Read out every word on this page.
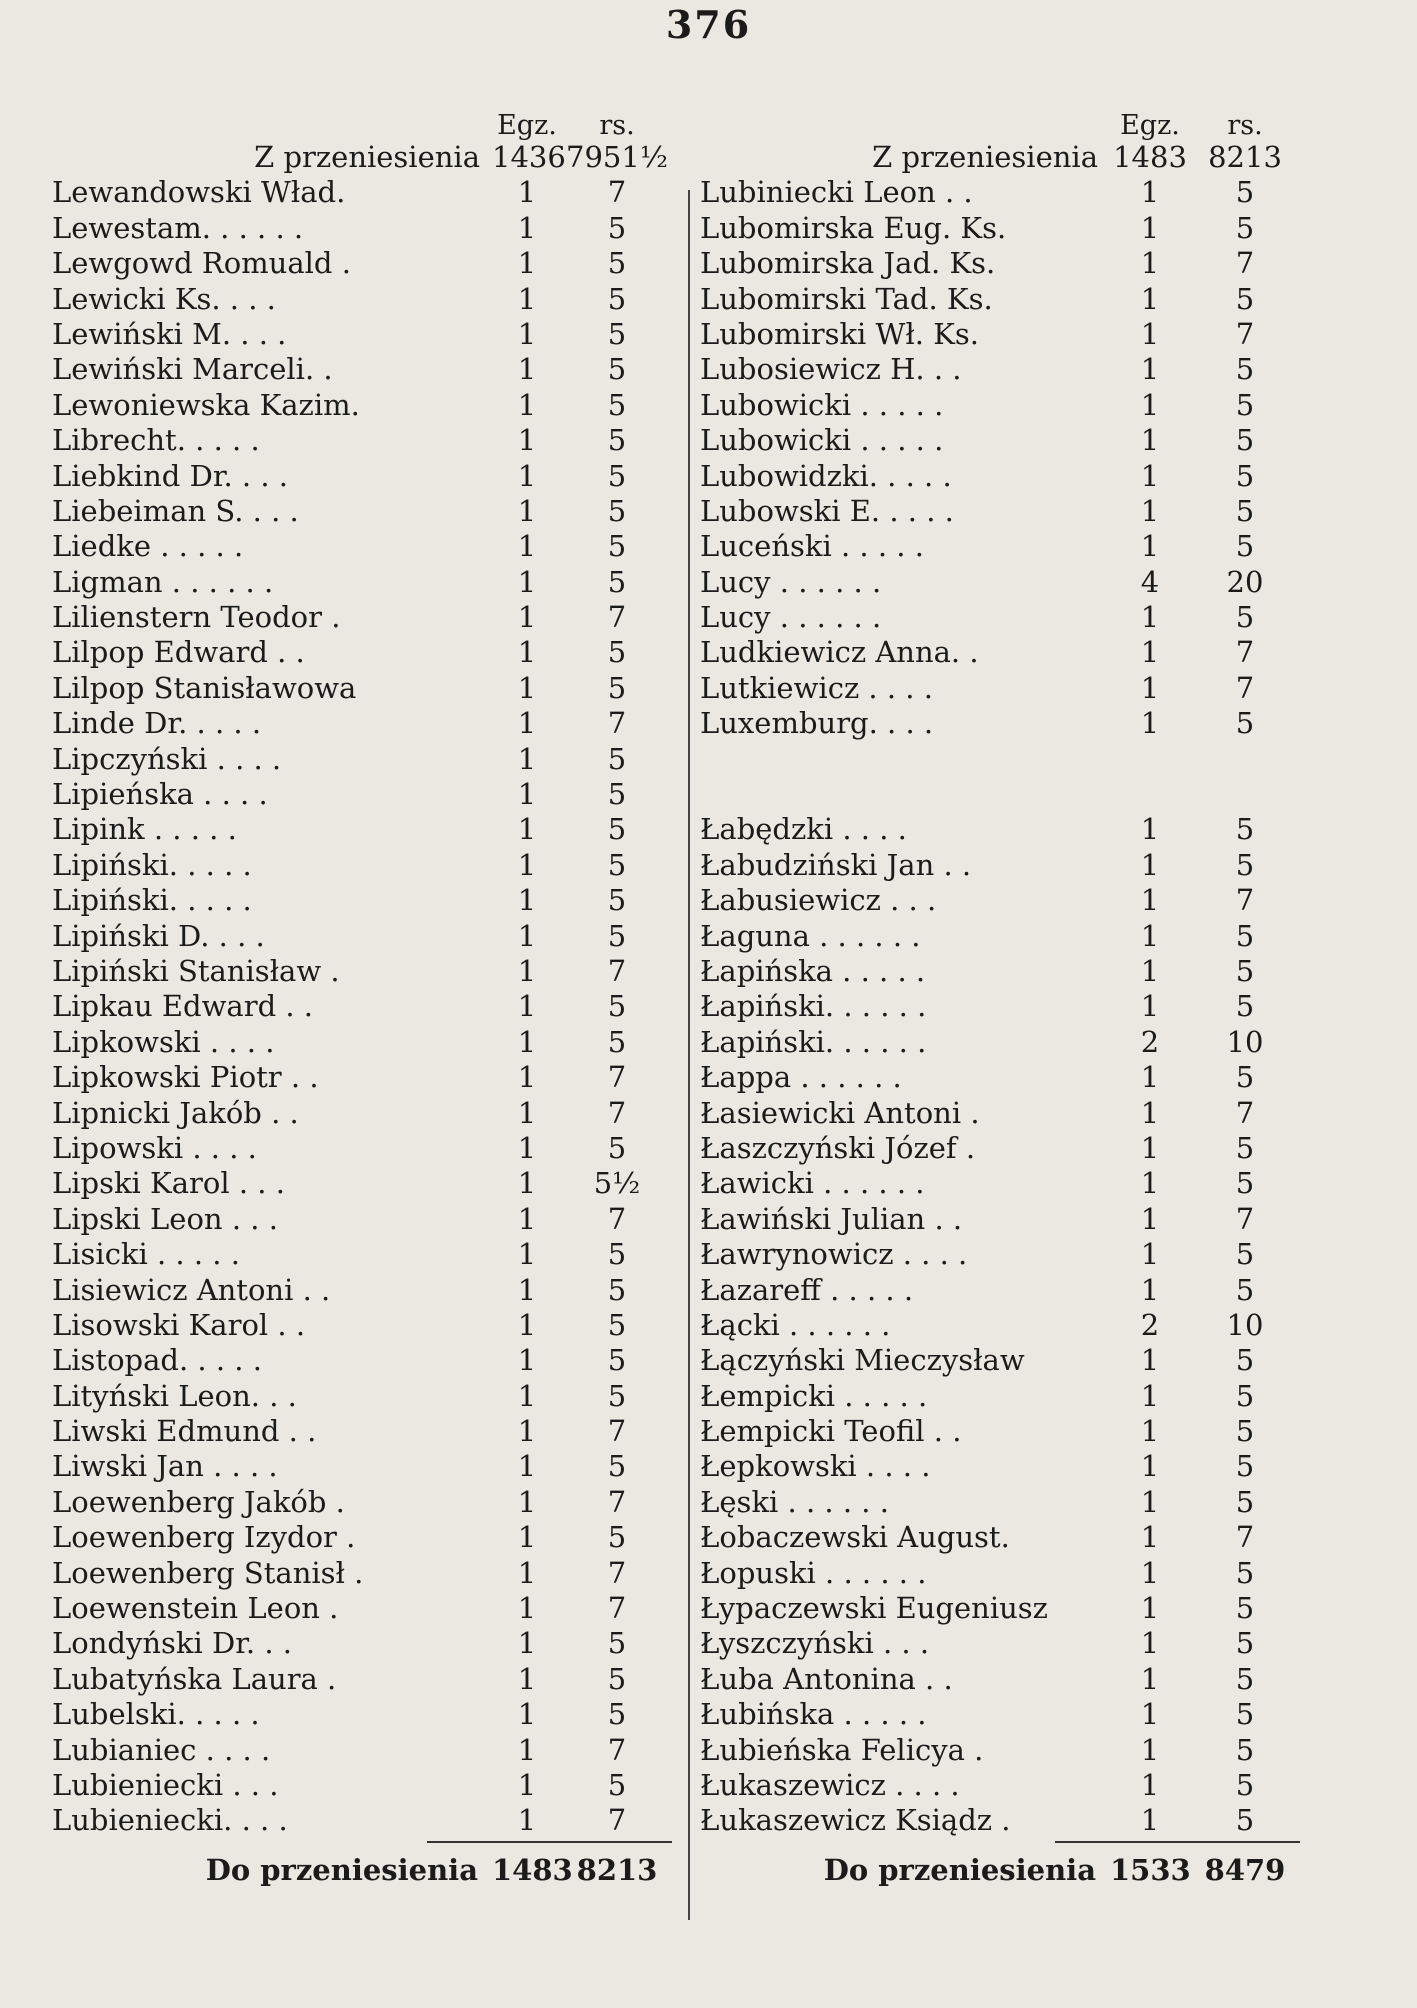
376
Egz.	rs.
Z przeniesienia 1436 7951½
Lewandowski Wład.	1	7
Lewestam. . . . . .	1	5
Lewgowd Romuald .	1	5
Lewicki Ks. . . .	1	5
Lewiński M. . . .	1	5
Lewiński Marceli. .	1	5
Lewoniewska Kazim.	1	5
Librecht. . . . .	1	5
Liebkind Dr. . . .	1	5
Liebeiman S. . . .	1	5
Liedke . . . . .	1	5
Ligman . . . . . .	1	5
Lilienstern Teodor .	1	7
Lilpop Edward . .	1	5
Lilpop Stanisławowa	1	5
Linde Dr. . . . .	1	7
Lipczyński . . . .	1	5
Lipieńska . . . .	1	5
Lipink . . . . .	1	5
Lipiński. . . . .	1	5
Lipiński. . . . .	1	5
Lipiński D. . . .	1	5
Lipiński Stanisław .	1	7
Lipkau Edward . .	1	5
Lipkowski . . . .	1	5
Lipkowski Piotr . .	1	7
Lipnicki Jakób . .	1	7
Lipowski . . . .	1	5
Lipski Karol . . .	1	5½
Lipski Leon . . .	1	7
Lisicki . . . . .	1	5
Lisiewicz Antoni . .	1	5
Lisowski Karol . .	1	5
Listopad. . . . .	1	5
Lityński Leon. . .	1	5
Liwski Edmund . .	1	7
Liwski Jan . . . .	1	5
Loewenberg Jakób .	1	7
Loewenberg Izydor .	1	5
Loewenberg Stanisł .	1	7
Loewenstein Leon .	1	7
Londyński Dr. . .	1	5
Lubatyńska Laura .	1	5
Lubelski. . . . .	1	5
Lubianiec . . . .	1	7
Lubieniecki . . .	1	5
Lubieniecki. . . .	1	7
Do przeniesienia 1483 8213
Egz.	rs.
Z przeniesienia 1483 8213
Lubiniecki Leon . .	1	5
Lubomirska Eug. Ks.	1	5
Lubomirska Jad. Ks.	1	7
Lubomirski Tad. Ks.	1	5
Lubomirski Wł. Ks.	1	7
Lubosiewicz H. . .	1	5
Lubowicki . . . . .	1	5
Lubowicki . . . . .	1	5
Lubowidzki. . . . .	1	5
Lubowski E. . . . .	1	5
Luceński . . . . .	1	5
Lucy . . . . . .	4	20
Lucy . . . . . .	1	5
Ludkiewicz Anna. .	1	7
Lutkiewicz . . . .	1	7
Luxemburg. . . .	1	5
Łabędzki . . . .	1	5
Łabudziński Jan . .	1	5
Łabusiewicz . . .	1	7
Łaguna . . . . . .	1	5
Łapińska . . . . .	1	5
Łapiński. . . . . .	1	5
Łapiński. . . . . .	2	10
Łappa . . . . . .	1	5
Łasiewicki Antoni .	1	7
Łaszczyński Józef .	1	5
Ławicki . . . . . .	1	5
Ławiński Julian . .	1	7
Ławrynowicz . . . .	1	5
Łazareff . . . . .	1	5
Łącki . . . . . .	2	10
Łączyński Mieczysław	1	5
Łempicki . . . . .	1	5
Łempicki Teofil . .	1	5
Łepkowski . . . .	1	5
Łęski . . . . . .	1	5
Łobaczewski August.	1	7
Łopuski . . . . . .	1	5
Łypaczewski Eugeniusz	1	5
Łyszczyński . . .	1	5
Łuba Antonina . .	1	5
Łubińska . . . . .	1	5
Łubieńska Felicya .	1	5
Łukaszewicz . . . .	1	5
Łukaszewicz Ksiądz .	1	5
Do przeniesienia 1533 8479
